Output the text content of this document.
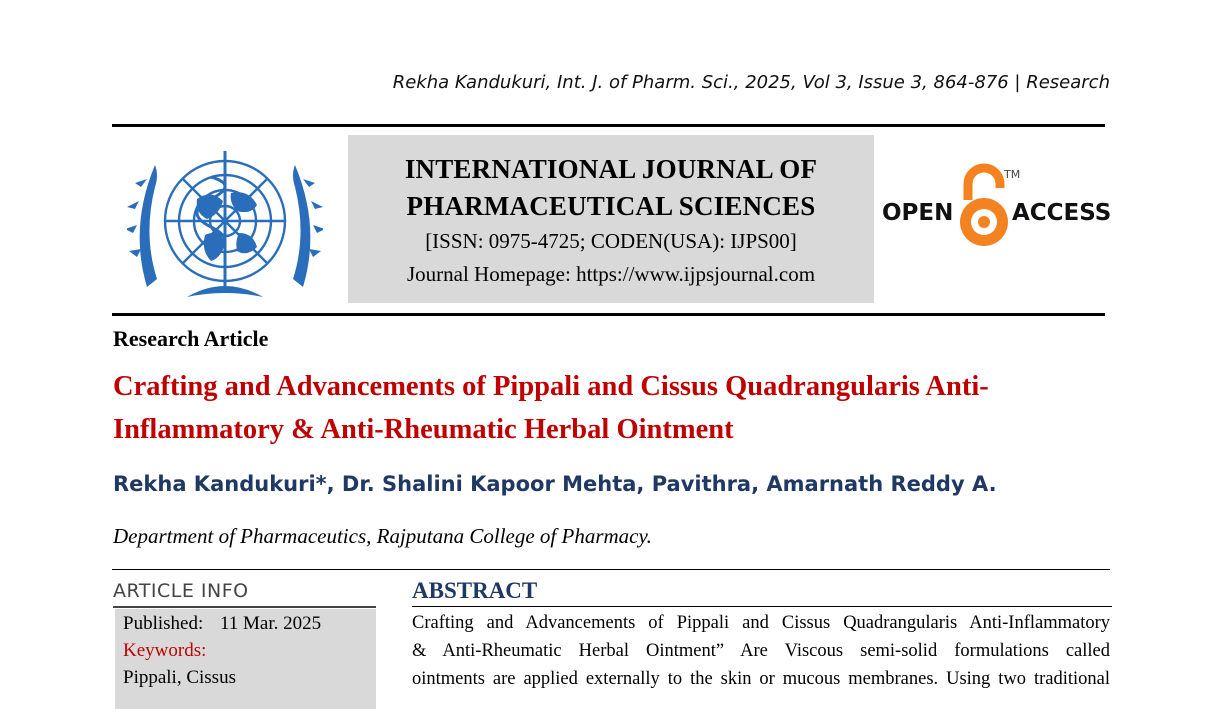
Rekha Kandukuri, Int. J. of Pharm. Sci., 2025, Vol 3, Issue 3, 864-876 | Research
INTERNATIONAL JOURNAL OF
PHARMACEUTICAL SCIENCES
[ISSN: 0975-4725; CODEN(USA): IJPS00]
Journal Homepage: https://www.ijpsjournal.com
OPEN
TM
ACCESS
Research Article
Crafting and Advancements of Pippali and Cissus Quadrangularis Anti-Inflammatory & Anti-Rheumatic Herbal Ointment
Rekha Kandukuri*, Dr. Shalini Kapoor Mehta, Pavithra, Amarnath Reddy A.
Department of Pharmaceutics, Rajputana College of Pharmacy.
ARTICLE INFO
Published: 11 Mar. 2025
Keywords:
Pippali, Cissus
ABSTRACT
Crafting and Advancements of Pippali and Cissus Quadrangularis Anti-Inflammatory
& Anti-Rheumatic Herbal Ointment” Are Viscous semi-solid formulations called
ointments are applied externally to the skin or mucous membranes. Using two traditional
